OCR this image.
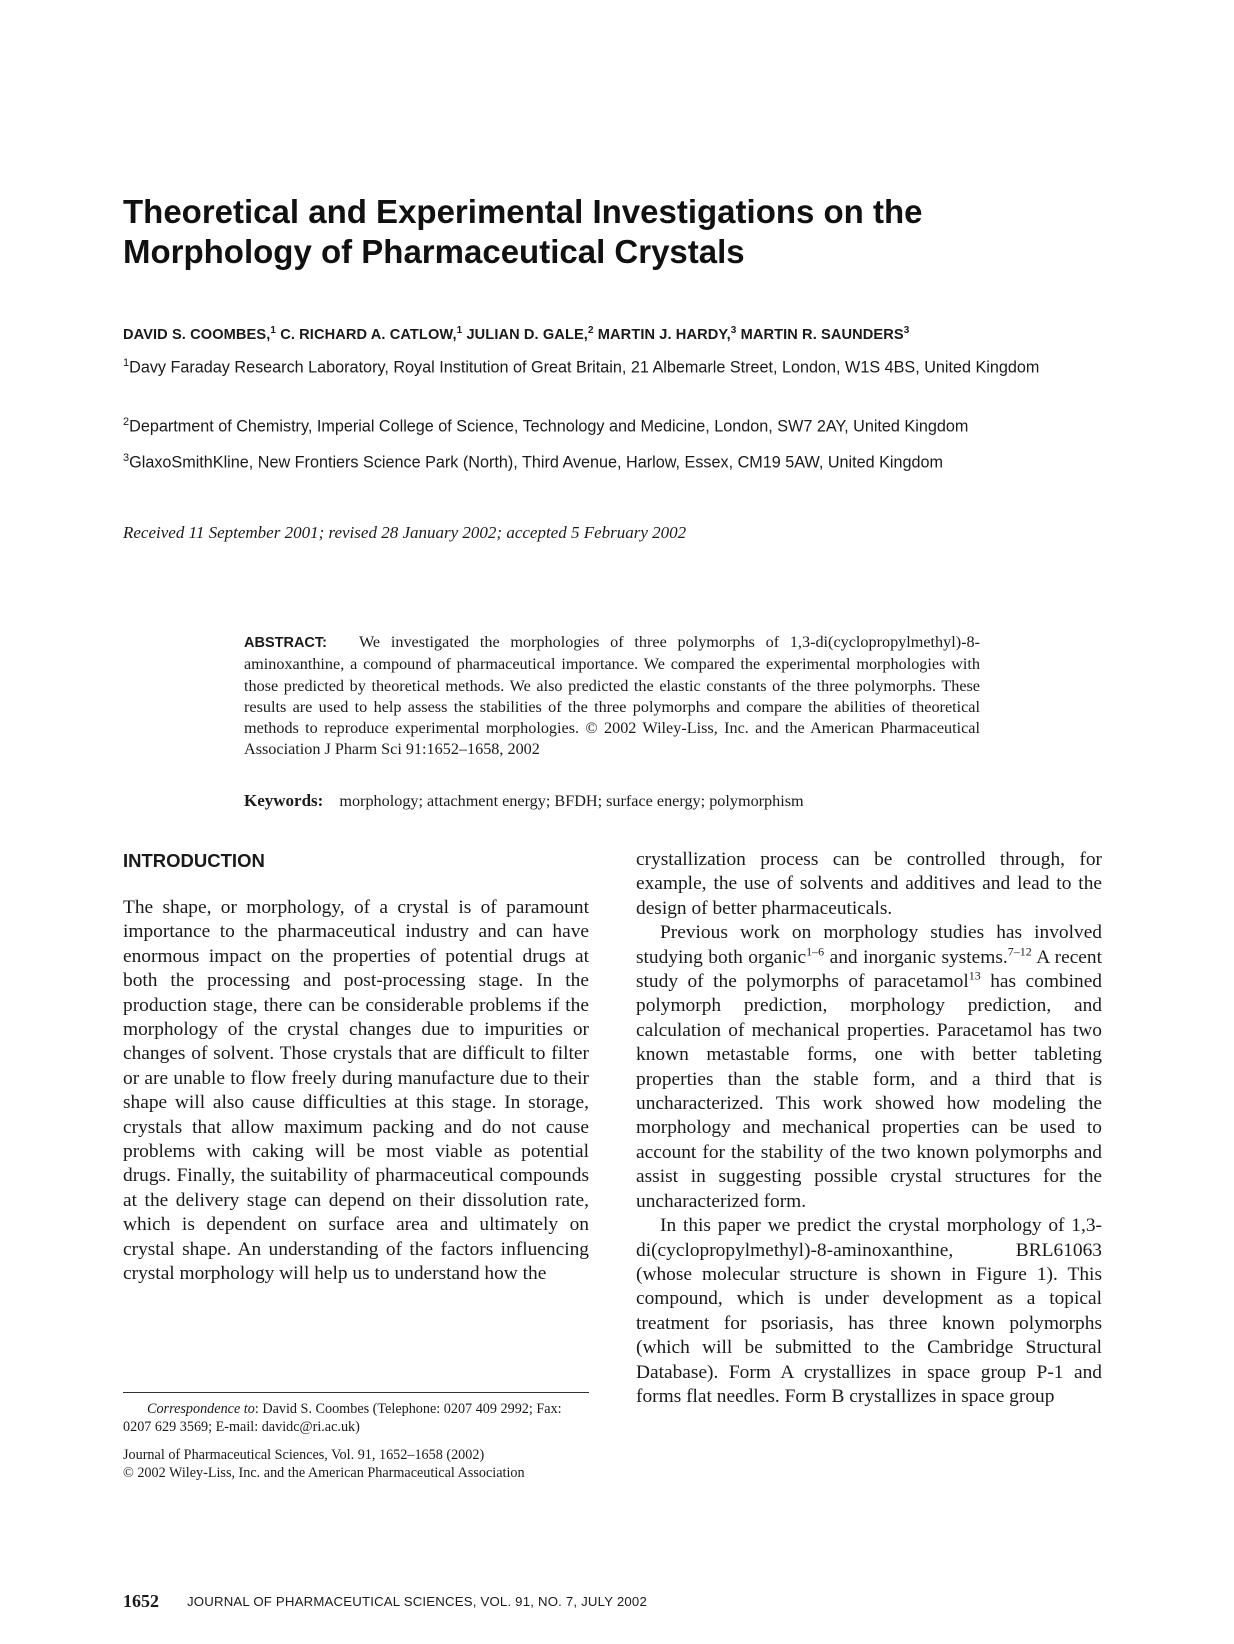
Theoretical and Experimental Investigations on the
Morphology of Pharmaceutical Crystals
DAVID S. COOMBES,$^1$ C. RICHARD A. CATLOW,$^1$ JULIAN D. GALE,$^2$ MARTIN J. HARDY,$^3$ MARTIN R. SAUNDERS$^3$
$^1$Davy Faraday Research Laboratory, Royal Institution of Great Britain, 21 Albemarle Street, London, W1S 4BS, United Kingdom
$^2$Department of Chemistry, Imperial College of Science, Technology and Medicine, London, SW7 2AY, United Kingdom
$^3$GlaxoSmithKline, New Frontiers Science Park (North), Third Avenue, Harlow, Essex, CM19 5AW, United Kingdom
Received 11 September 2001; revised 28 January 2002; accepted 5 February 2002
ABSTRACT: We investigated the morphologies of three polymorphs of 1,3-di(cyclopropylmethyl)-8-aminoxanthine, a compound of pharmaceutical importance. We compared the experimental morphologies with those predicted by theoretical methods. We also predicted the elastic constants of the three polymorphs. These results are used to help assess the stabilities of the three polymorphs and compare the abilities of theoretical methods to reproduce experimental morphologies. © 2002 Wiley-Liss, Inc. and the American Pharmaceutical Association J Pharm Sci 91:1652–1658, 2002
Keywords: morphology; attachment energy; BFDH; surface energy; polymorphism
INTRODUCTION

The shape, or morphology, of a crystal is of paramount importance to the pharmaceutical industry and can have enormous impact on the properties of potential drugs at both the processing and post-processing stage. In the production stage, there can be considerable problems if the morphology of the crystal changes due to impurities or changes of solvent. Those crystals that are difficult to filter or are unable to flow freely during manufacture due to their shape will also cause difficulties at this stage. In storage, crystals that allow maximum packing and do not cause problems with caking will be most viable as potential drugs. Finally, the suitability of pharmaceutical compounds at the delivery stage can depend on their dissolution rate, which is dependent on surface area and ultimately on crystal shape. An understanding of the factors influencing crystal morphology will help us to understand how the

crystallization process can be controlled through, for example, the use of solvents and additives and lead to the design of better pharmaceuticals.

Previous work on morphology studies has involved studying both organic$^{1-6}$ and inorganic systems.$^{7-12}$ A recent study of the polymorphs of paracetamol$^{13}$ has combined polymorph prediction, morphology prediction, and calculation of mechanical properties. Paracetamol has two known metastable forms, one with better tableting properties than the stable form, and a third that is uncharacterized. This work showed how modeling the morphology and mechanical properties can be used to account for the stability of the two known polymorphs and assist in suggesting possible crystal structures for the uncharacterized form.

In this paper we predict the crystal morphology of 1,3-di(cyclopropylmethyl)-8-aminoxanthine, BRL61063 (whose molecular structure is shown in Figure 1). This compound, which is under development as a topical treatment for psoriasis, has three known polymorphs (which will be submitted to the Cambridge Structural Database). Form A crystallizes in space group P-1 and forms flat needles. Form B crystallizes in space group

Correspondence to: David S. Coombes (Telephone: 0207 409 2992; Fax: 0207 629 3569; E-mail: davidc@ri.ac.uk)
Journal of Pharmaceutical Sciences, Vol. 91, 1652–1658 (2002)
© 2002 Wiley-Liss, Inc. and the American Pharmaceutical Association
1652 JOURNAL OF PHARMACEUTICAL SCIENCES, VOL. 91, NO. 7, JULY 2002
